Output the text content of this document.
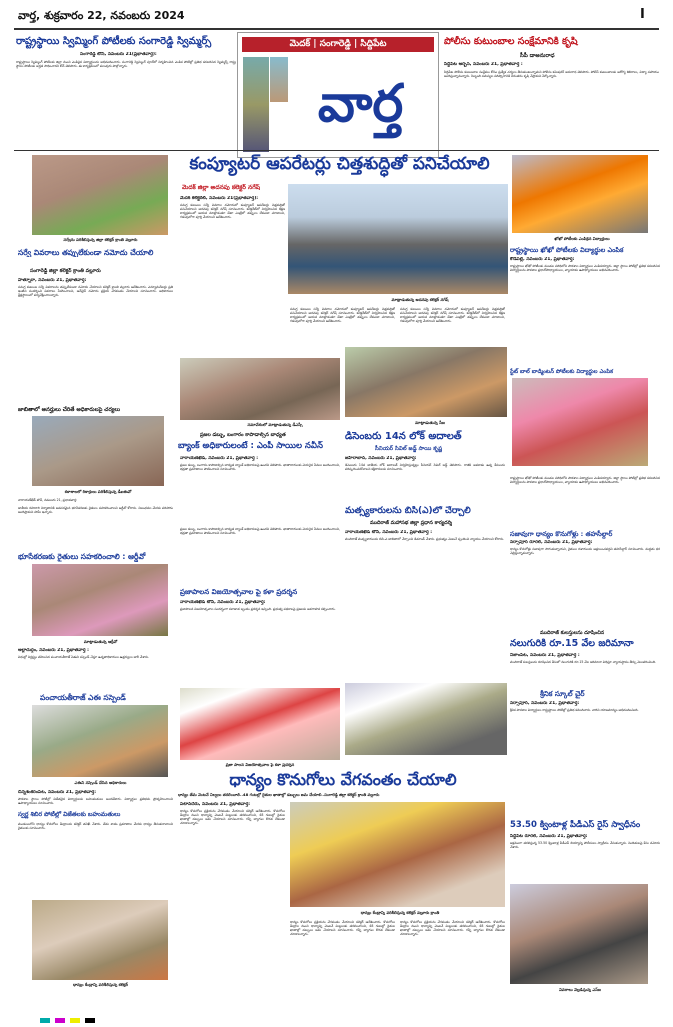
వార్త, శుక్రవారం 22, నవంబరు 2024	I
రాష్ట్రస్థాయి స్విమ్మింగ్ పోటీలకు సంగారెడ్డి స్విమ్మర్స్
సంగారెడ్డి టౌన్, నవంబరు 21(ప్రభాతవార్త):
రాష్ట్రస్థాయి స్విమ్మింగ్ పోటీలకు జిల్లా నుంచి ఎంపికైన విద్యార్థులను అభినందించారు. సంగారెడ్డి స్విమ్మింగ్ పూల్‌లో నిర్వహించిన ఎంపిక పోటీల్లో ప్రతిభ కనబరిచిన స్విమ్మర్స్ రాష్ట్ర స్థాయి పోటీలకు అర్హత సాధించారని కోచ్ తెలిపారు. ఈ కార్యక్రమంలో పలువురు పాల్గొన్నారు.
మెదక్ | సంగారెడ్డి | సిద్దిపేట
వార్త
పోలీసు కుటుంబాల సంక్షేమానికి కృషి
సీపీ డాఅనురాధ
సిద్దిపేట అర్బన్, నవంబరు 21, ప్రభాతవార్త :
సిద్దిపేట పోలీసు కుటుంబాల సంక్షేమం కోసం ప్రత్యేక చర్యలు తీసుకుంటున్నామని పోలీసు కమిషనర్ అనురాధ తెలిపారు. పోలీస్ కుటుంబాలకు ఆరోగ్య శిబిరాలు, విద్యా సహాయం అందిస్తున్నామన్నారు. సిబ్బంది సమస్యల పరిష్కారానికి నిరంతరం కృషి చేస్తామని పేర్కొన్నారు.
సర్వేను పరిశీలిస్తున్న జిల్లా కలెక్టర్ క్రాంతి వల్లూరు
సర్వే వివరాలు తప్పులేకుండా నమోదు చేయాలి
సంగారెడ్డి జిల్లా కలెక్టర్ క్రాంతి వల్లూరు
హత్నూరా, నవంబరు 21, ప్రభాతవార్త:
సమగ్ర కుటుంబ సర్వే వివరాలను తప్పులేకుండా నమోదు చేయాలని కలెక్టర్ క్రాంతి వల్లూరు ఆదేశించారు. ఎన్యూమరేటర్లు ప్రతి ఇంటిని సందర్శించి వివరాలు సేకరించాలని, ఆన్‌లైన్ నమోదు ప్రక్రియ వేగవంతం చేయాలని సూచించారు. అధికారులు క్షేత్రస్థాయిలో పర్యవేక్షించాలన్నారు.
జాబితాలో అనర్హులు చేరితే అధికారులపై చర్యలు
కళాశాలలో రికార్డులు పరిశీలిస్తున్న డీఐఈవో
నారాయణ్‌ఖేడ్ టౌన్, నవంబరు 21, ప్రభాతవార్త:
జాతీయ రహదారి నిర్మాణానికి అవసరమైన భూసేకరణకు రైతులు సహకరించాలని ఆర్డీవో కోరారు. నిబంధనల మేరకు పరిహారం అందిస్తామని హామీ ఇచ్చారు.
భూసేకరణకు రైతులు సహకరించాలి : ఆర్డీవో
మాట్లాడుతున్న ఆర్డీవో
అల్లాదుర్గం, నవంబరు 21, ప్రభాతవార్త :
విధుల్లో నిర్లక్ష్యం వహించిన పంచాయతీరాజ్ ఏఈని సస్పెండ్ చేస్తూ ఉన్నతాధికారులు ఉత్తర్వులు జారీ చేశారు.
పంచాయతీరాజ్ ఎఈ సస్పెండ్
ఎఈని సస్పెండ్ చేసిన అధికారులు
చిన్నశంకరంపేట, నవంబరు 21, ప్రభాతవార్త:
పాఠశాల స్థాయి పోటీల్లో విజేతలైన విద్యార్థులకు బహుమతులు అందజేశారు. విద్యార్థుల ప్రతిభను ప్రోత్సహించాలని ఉపాధ్యాయులు సూచించారు.
స్వర్ణ శిబిర పోటీల్లో విజేతలకు బహుమతులు
మండలంలోని ధాన్యం కొనుగోలు కేంద్రాలను కలెక్టర్ తనిఖీ చేశారు. తేమ శాతం ప్రమాణాల మేరకు ధాన్యం తీసుకురావాలని రైతులకు సూచించారు.
ధాన్యం కేంద్రాన్ని పరిశీలిస్తున్న కలెక్టర్
కంప్యూటర్ ఆపరేటర్లు చిత్తశుద్ధితో పనిచేయాలి
మెదక్ జిల్లా అదనపు కలెక్టర్ నగేష్
మెదక్ కలెక్టరేట్, నవంబరు 21(ప్రభాతవార్త):
సమగ్ర కుటుంబ సర్వే వివరాల నమోదులో కంప్యూటర్ ఆపరేటర్లు చిత్తశుద్ధితో పనిచేయాలని అదనపు కలెక్టర్ నగేష్ సూచించారు. కలెక్టరేట్‌లో నిర్వహించిన శిక్షణ కార్యక్రమంలో ఆయన మాట్లాడుతూ డేటా ఎంట్రీలో తప్పులు లేకుండా చూడాలని, గడువులోగా పూర్తి చేయాలని ఆదేశించారు.
మాట్లాడుతున్న అదనపు కలెక్టర్ నగేష్
సమగ్ర కుటుంబ సర్వే వివరాల నమోదులో కంప్యూటర్ ఆపరేటర్లు చిత్తశుద్ధితో పనిచేయాలని అదనపు కలెక్టర్ నగేష్ సూచించారు. కలెక్టరేట్‌లో నిర్వహించిన శిక్షణ కార్యక్రమంలో ఆయన మాట్లాడుతూ డేటా ఎంట్రీలో తప్పులు లేకుండా చూడాలని, గడువులోగా పూర్తి చేయాలని ఆదేశించారు.
సమగ్ర కుటుంబ సర్వే వివరాల నమోదులో కంప్యూటర్ ఆపరేటర్లు చిత్తశుద్ధితో పనిచేయాలని అదనపు కలెక్టర్ నగేష్ సూచించారు. కలెక్టరేట్‌లో నిర్వహించిన శిక్షణ కార్యక్రమంలో ఆయన మాట్లాడుతూ డేటా ఎంట్రీలో తప్పులు లేకుండా చూడాలని, గడువులోగా పూర్తి చేయాలని ఆదేశించారు.
సమావేశంలో మాట్లాడుతున్న డీఎస్పీ
ప్రజల డబ్బు, బంగారం కాపాడాల్సిన బాధ్యత
బ్యాంక్ అధికారులంటే : ఎంపీ సాయిల నవీన్
నారాయణ్‌ఖేడ్, నవంబరు 21, ప్రభాతవార్త :
ప్రజల డబ్బు, బంగారం కాపాడాల్సిన బాధ్యత బ్యాంక్ అధికారులపై ఉందని తెలిపారు. ఖాతాదారులకు మెరుగైన సేవలు అందించాలని, భద్రతా ప్రమాణాలు పాటించాలని సూచించారు.
మాట్లాడుతున్న సీఐ
డిసెంబరు 14న లోక్ అదాలత్
సీనియర్ సివిల్ జడ్జ్ సాయి కృష్ణ
జహీరాబాద్, నవంబరు 21, ప్రభాతవార్త:
డిసెంబరు 14న జాతీయ లోక్ అదాలత్ నిర్వహిస్తున్నట్లు సీనియర్ సివిల్ జడ్జ్ తెలిపారు. రాజీకి అవకాశం ఉన్న కేసులను పరిష్కరించుకోవాలని కక్షిదారులకు సూచించారు.
మత్స్యకారులను బిసి(ఎ)లో చేర్చాలి
ముదిరాజ్ మహాసభ జిల్లా ప్రధాన కార్యదర్శి
నారాయణ్‌ఖేడ్ టౌన్, నవంబరు 21, ప్రభాతవార్త :
ముదిరాజ్ మత్స్యకారులను బిసి-ఎ జాబితాలో చేర్చాలని డిమాండ్ చేశారు. ప్రభుత్వం వెంటనే స్పందించి న్యాయం చేయాలని కోరారు.
ప్రజల డబ్బు, బంగారం కాపాడాల్సిన బాధ్యత బ్యాంక్ అధికారులపై ఉందని తెలిపారు. ఖాతాదారులకు మెరుగైన సేవలు అందించాలని, భద్రతా ప్రమాణాలు పాటించాలని సూచించారు.
ప్రజాపాలన విజయోత్సవాల పై కళా ప్రదర్శన
నారాయణ్‌ఖేడ్ టౌన్, నవంబరు 21, ప్రభాతవార్త:
ప్రజాపాలన విజయోత్సవాల సందర్భంగా కళాజాత బృందం ప్రదర్శన ఇచ్చింది. ప్రభుత్వ పథకాలపై ప్రజలకు అవగాహన కల్పించారు.
ప్రజా పాలన విజయోత్సవాల పై కళా ప్రదర్శన
ఖోఖో పోటీలకు ఎంపికైన విద్యార్థులు
రాష్ట్రస్థాయి ఖోఖో పోటీలకు విద్యార్థుల ఎంపిక
కౌడిపల్లి, నవంబరు 21, ప్రభాతవార్త:
రాష్ట్రస్థాయి ఖోఖో పోటీలకు మండల పరిధిలోని పాఠశాల విద్యార్థులు ఎంపికయ్యారు. జిల్లా స్థాయి పోటీల్లో ప్రతిభ కనబరిచిన విద్యార్థులను పాఠశాల ప్రధానోపాధ్యాయులు, వ్యాయామ ఉపాధ్యాయులు అభినందించారు.
స్టేట్ బాల్ బాడ్మింటన్ పోటీలకు విద్యార్థుల ఎంపిక
రాష్ట్రస్థాయి ఖోఖో పోటీలకు మండల పరిధిలోని పాఠశాల విద్యార్థులు ఎంపికయ్యారు. జిల్లా స్థాయి పోటీల్లో ప్రతిభ కనబరిచిన విద్యార్థులను పాఠశాల ప్రధానోపాధ్యాయులు, వ్యాయామ ఉపాధ్యాయులు అభినందించారు.
సజావుగా ధాన్యం కొనుగోళ్లు : తహసీల్దార్
నర్సాపూర్ రూరల్, నవంబరు 21, ప్రభాతవార్త:
ధాన్యం కొనుగోళ్లు సజావుగా సాగుతున్నాయని, రైతులు దళారులను ఆశ్రయించవద్దని తహసీల్దార్ సూచించారు. మద్దతు ధర చెల్లిస్తున్నామన్నారు.
ముదిరాజ్ కులస్తులను దూషించిన
నలుగురికి రూ.15 వేల జరిమానా
నిజాంపేట, నవంబరు 21, ప్రభాతవార్త :
ముదిరాజ్ కులస్తులను దూషించిన కేసులో నలుగురికి రూ.15 వేల జరిమానా విధిస్తూ న్యాయస్థానం తీర్పు వెలువరించింది.
శ్రీనిక స్కూల్ చైర్
నర్సాపూర్, నవంబరు 21, ప్రభాతవార్త:
శ్రీనిక పాఠశాల విద్యార్థులు రాష్ట్రస్థాయి పోటీల్లో ప్రతిభ కనబరిచారు. వారిని యాజమాన్యం అభినందించింది.
53.50 క్వింటాళ్ల పీడీఎస్ రైస్ స్వాధీనం
సిద్దిపేట రూరల్, నవంబరు 21, ప్రభాతవార్త:
అక్రమంగా తరలిస్తున్న 53.50 క్వింటాళ్ల పీడీఎస్ బియ్యాన్ని పోలీసులు స్వాధీనం చేసుకున్నారు. నిందితులపై కేసు నమోదు చేశారు.
వివరాలు వెల్లడిస్తున్న ఎస్ఐ
ధాన్యం కొనుగోలు వేగవంతం చేయాలి
ధాన్యం తేమ వెంటనే నిల్వలు తరలించాలి..48 గంటల్లో రైతుల ఖాతాల్లో డబ్బులు జమ చేయాలి..సంగారెడ్డి జిల్లా కలెక్టర్ క్రాంతి వల్లూరు
పటాన్‌చెరు, నవంబరు 21, ప్రభాతవార్త:
ధాన్యం కొనుగోలు ప్రక్రియను వేగవంతం చేయాలని కలెక్టర్ ఆదేశించారు. కొనుగోలు కేంద్రాల నుంచి ధాన్యాన్ని వెంటనే మిల్లులకు తరలించాలని, 48 గంటల్లో రైతుల ఖాతాల్లో డబ్బులు జమ చేయాలని సూచించారు. గన్నీ బ్యాగుల కొరత లేకుండా చూడాలన్నారు.
ధాన్యం కేంద్రాన్ని పరిశీలిస్తున్న కలెక్టర్ వల్లూరు క్రాంతి
ధాన్యం కొనుగోలు ప్రక్రియను వేగవంతం చేయాలని కలెక్టర్ ఆదేశించారు. కొనుగోలు కేంద్రాల నుంచి ధాన్యాన్ని వెంటనే మిల్లులకు తరలించాలని, 48 గంటల్లో రైతుల ఖాతాల్లో డబ్బులు జమ చేయాలని సూచించారు. గన్నీ బ్యాగుల కొరత లేకుండా చూడాలన్నారు.
ధాన్యం కొనుగోలు ప్రక్రియను వేగవంతం చేయాలని కలెక్టర్ ఆదేశించారు. కొనుగోలు కేంద్రాల నుంచి ధాన్యాన్ని వెంటనే మిల్లులకు తరలించాలని, 48 గంటల్లో రైతుల ఖాతాల్లో డబ్బులు జమ చేయాలని సూచించారు. గన్నీ బ్యాగుల కొరత లేకుండా చూడాలన్నారు.
